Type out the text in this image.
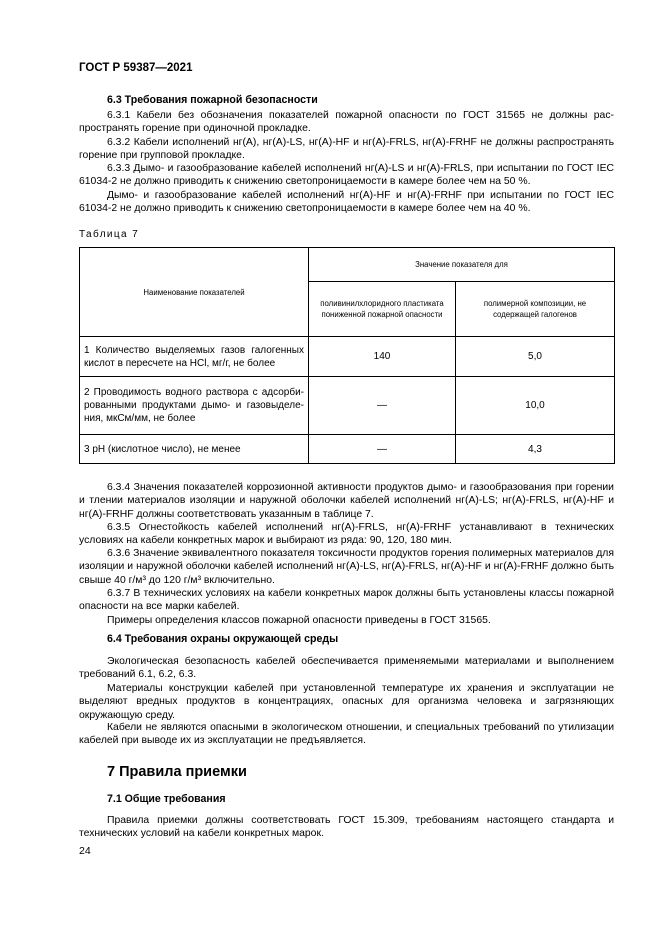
ГОСТ Р 59387—2021
6.3 Требования пожарной безопасности
6.3.1 Кабели без обозначения показателей пожарной опасности по ГОСТ 31565 не должны распространять горение при одиночной прокладке.
6.3.2 Кабели исполнений нг(А), нг(А)-LS, нг(А)-HF и нг(А)-FRLS, нг(А)-FRHF не должны распространять горение при групповой прокладке.
6.3.3 Дымо- и газообразование кабелей исполнений нг(А)-LS и нг(А)-FRLS, при испытании по ГОСТ IEC 61034-2 не должно приводить к снижению светопроницаемости в камере более чем на 50 %.
Дымо- и газообразование кабелей исполнений нг(А)-HF и нг(А)-FRHF при испытании по ГОСТ IEC 61034-2 не должно приводить к снижению светопроницаемости в камере более чем на 40 %.
Таблица 7
Наименование показателей	Значение показателя для	
	поливинилхлоридного пластиката пониженной пожарной опасности	полимерной композиции, не содержащей галогенов
1 Количество выделяемых газов галогенных кислот в пересчете на HCl, мг/г, не более	140	5,0
2 Проводимость водного раствора с адсорбированными продуктами дымо- и газовыделения, мкСм/мм, не более	—	10,0
3 рН (кислотное число), не менее	—	4,3
6.3.4 Значения показателей коррозионной активности продуктов дымо- и газообразования при горении и тлении материалов изоляции и наружной оболочки кабелей исполнений нг(А)-LS; нг(А)-FRLS, нг(А)-HF и нг(А)-FRHF должны соответствовать указанным в таблице 7.
6.3.5 Огнестойкость кабелей исполнений нг(А)-FRLS, нг(А)-FRHF устанавливают в технических условиях на кабели конкретных марок и выбирают из ряда: 90, 120, 180 мин.
6.3.6 Значение эквивалентного показателя токсичности продуктов горения полимерных материалов для изоляции и наружной оболочки кабелей исполнений нг(А)-LS, нг(А)-FRLS, нг(А)-HF и нг(А)-FRHF должно быть свыше 40 г/м³ до 120 г/м³ включительно.
6.3.7 В технических условиях на кабели конкретных марок должны быть установлены классы пожарной опасности на все марки кабелей.
Примеры определения классов пожарной опасности приведены в ГОСТ 31565.
6.4 Требования охраны окружающей среды
Экологическая безопасность кабелей обеспечивается применяемыми материалами и выполнением требований 6.1, 6.2, 6.3.
Материалы конструкции кабелей при установленной температуре их хранения и эксплуатации не выделяют вредных продуктов в концентрациях, опасных для организма человека и загрязняющих окружающую среду.
Кабели не являются опасными в экологическом отношении, и специальных требований по утилизации кабелей при выводе их из эксплуатации не предъявляется.
7 Правила приемки
7.1 Общие требования
Правила приемки должны соответствовать ГОСТ 15.309, требованиям настоящего стандарта и технических условий на кабели конкретных марок.
24
